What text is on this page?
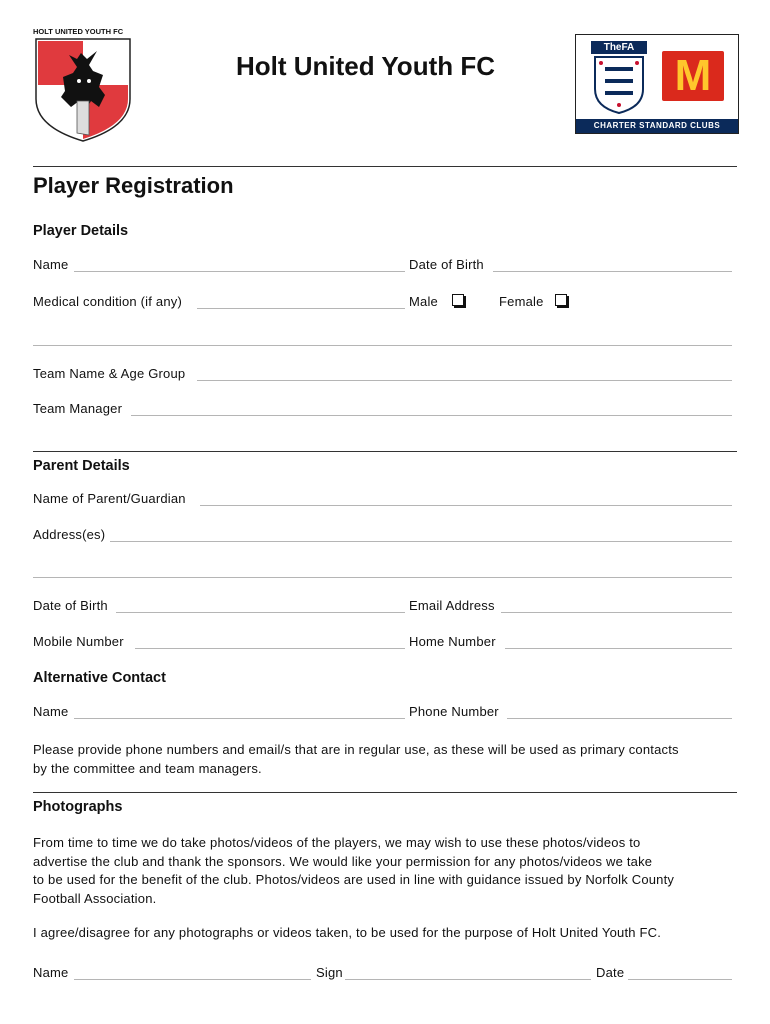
HOLT UNITED YOUTH FC
Holt United Youth FC
TheFA
M
CHARTER STANDARD CLUBS
Player Registration
Player Details
Name	Date of Birth
Medical condition (if any)	Male	Female
Team Name & Age Group
Team Manager
Parent Details
Name of Parent/Guardian
Address(es)
Date of Birth	Email Address
Mobile Number	Home Number
Alternative Contact
Name	Phone Number
Please provide phone numbers and email/s that are in regular use, as these will be used as primary contacts
by the committee and team managers.
Photographs
From time to time we do take photos/videos of the players, we may wish to use these photos/videos to
advertise the club and thank the sponsors. We would like your permission for any photos/videos we take
to be used for the benefit of the club. Photos/videos are used in line with guidance issued by Norfolk County
Football Association.
I agree/disagree for any photographs or videos taken, to be used for the purpose of Holt United Youth FC.
Name	Sign	Date
